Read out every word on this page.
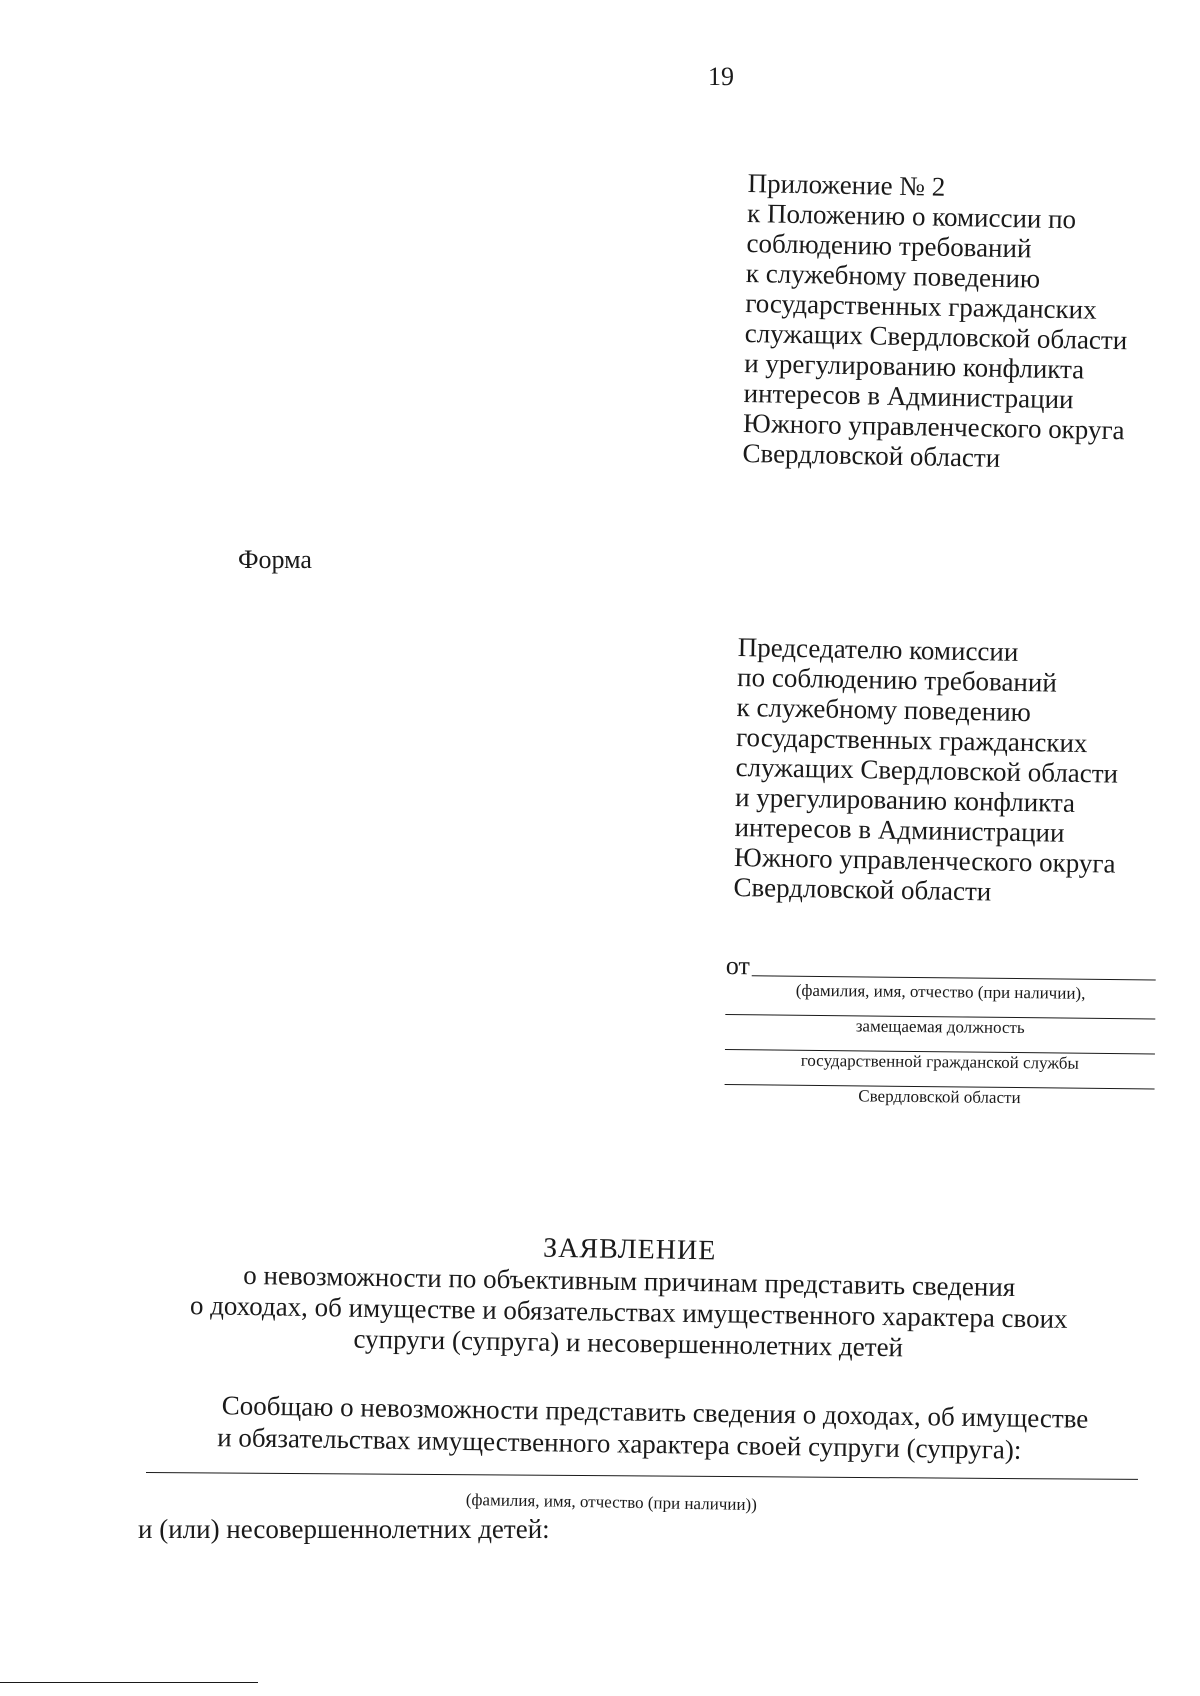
19
Приложение № 2
к Положению о комиссии по
соблюдению требований
к служебному поведению
государственных гражданских
служащих Свердловской области
и урегулированию конфликта
интересов в Администрации
Южного управленческого округа
Свердловской области
Форма
Председателю комиссии
по соблюдению требований
к служебному поведению
государственных гражданских
служащих Свердловской области
и урегулированию конфликта
интересов в Администрации
Южного управленческого округа
Свердловской области
от
(фамилия, имя, отчество (при наличии),
замещаемая должность
государственной гражданской службы
Свердловской области
ЗАЯВЛЕНИЕ
о невозможности по объективным причинам представить сведения
о доходах, об имуществе и обязательствах имущественного характера своих
супруги (супруга) и несовершеннолетних детей
Сообщаю о невозможности представить сведения о доходах, об имуществе
и обязательствах имущественного характера своей супруги (супруга):
(фамилия, имя, отчество (при наличии))
и (или) несовершеннолетних детей:
